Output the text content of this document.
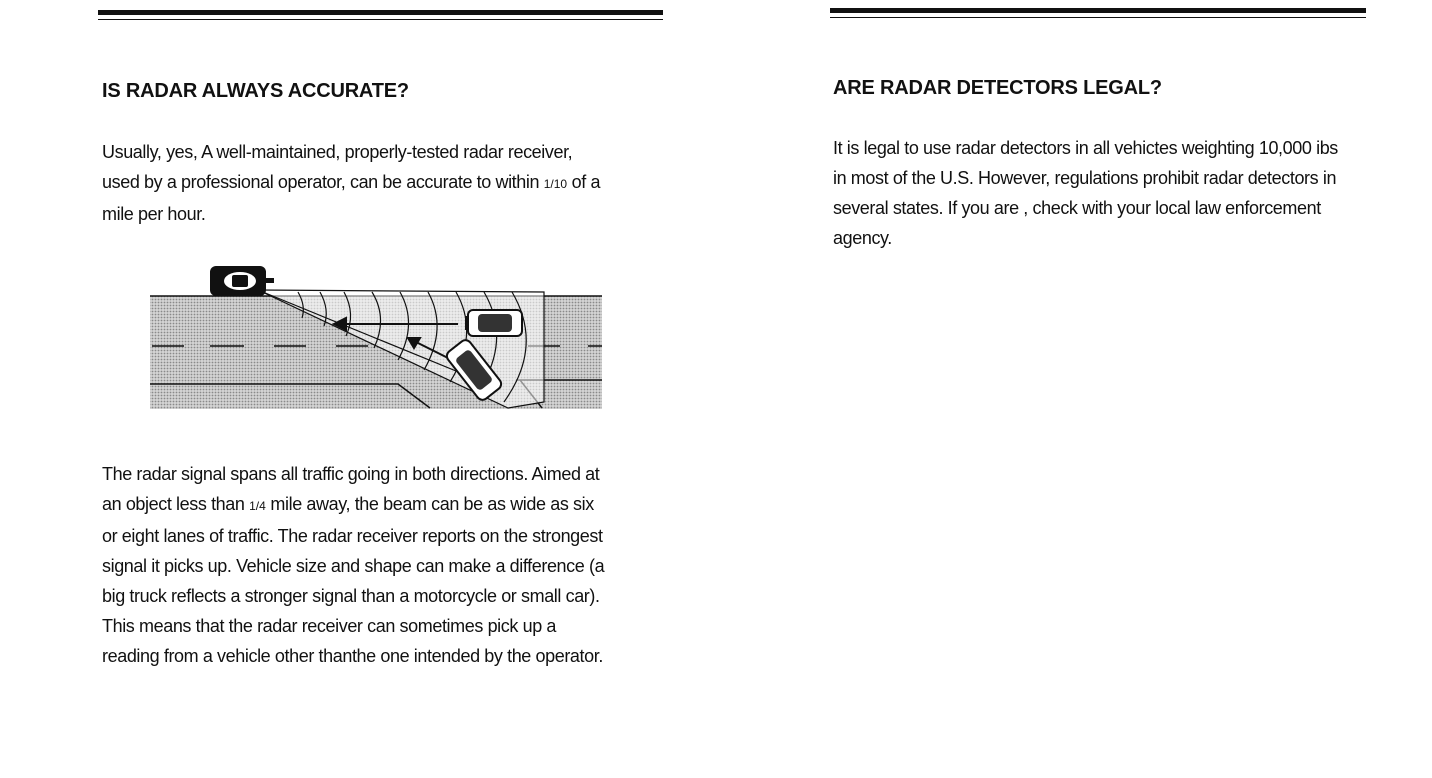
IS RADAR ALWAYS ACCURATE?

Usually, yes, A well-maintained, properly-tested radar receiver,
used by a professional operator, can be accurate to within 1/10 of a
mile per hour.

The radar signal spans all traffic going in both directions. Aimed at
an object less than 1/4 mile away, the beam can be as wide as six
or eight lanes of traffic. The radar receiver reports on the strongest
signal it picks up. Vehicle size and shape can make a difference (a
big truck reflects a stronger signal than a motorcycle or small car).
This means that the radar receiver can sometimes pick up a
reading from a vehicle other thanthe one intended by the operator.

ARE RADAR DETECTORS LEGAL?

It is legal to use radar detectors in all vehictes weighting 10,000 ibs
in most of the U.S. However, regulations prohibit radar detectors in
several states. If you are , check with your local law enforcement
agency.
